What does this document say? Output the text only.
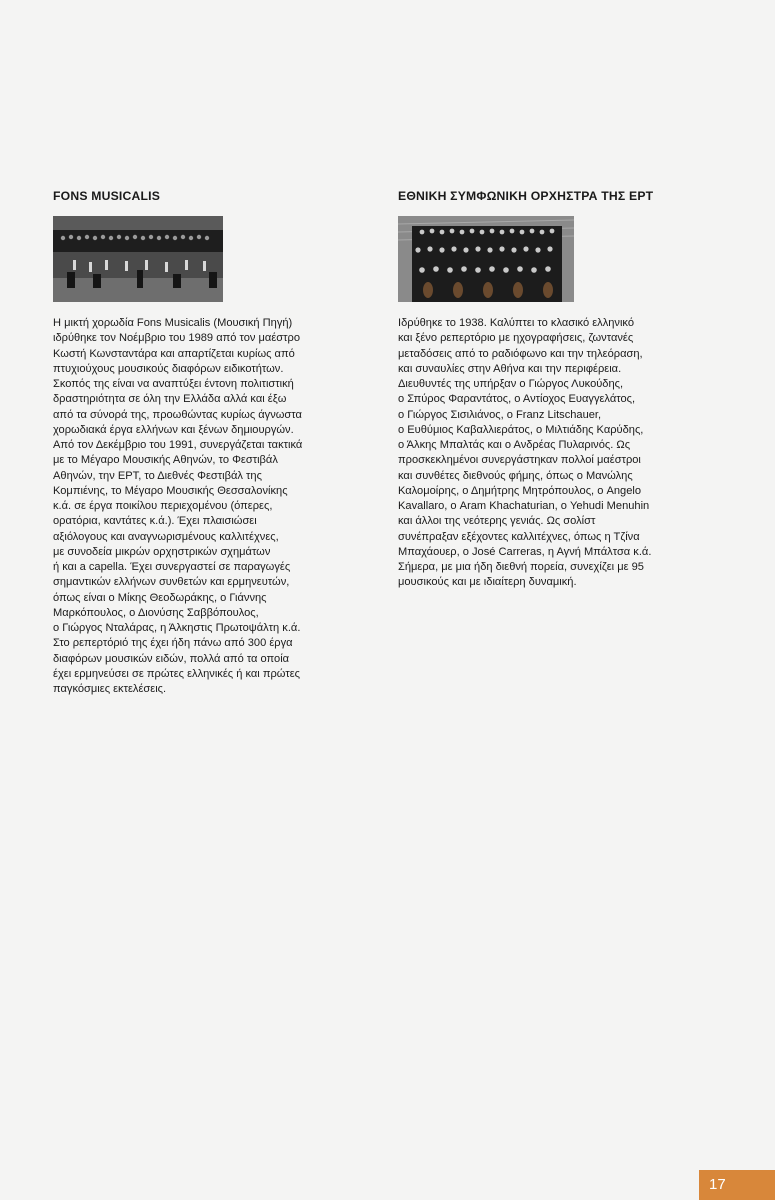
FONS MUSICALIS

Η μικτή χορωδία Fons Musicalis (Μουσική Πηγή)
ιδρύθηκε τον Νοέμβριο του 1989 από τον μαέστρο
Κωστή Κωνσταντάρα και απαρτίζεται κυρίως από
πτυχιούχους μουσικούς διαφόρων ειδικοτήτων.
Σκοπός της είναι να αναπτύξει έντονη πολιτιστική
δραστηριότητα σε όλη την Ελλάδα αλλά και έξω
από τα σύνορά της, προωθώντας κυρίως άγνωστα
χορωδιακά έργα ελλήνων και ξένων δημιουργών.
Από τον Δεκέμβριο του 1991, συνεργάζεται τακτικά
με το Μέγαρο Μουσικής Αθηνών, το Φεστιβάλ
Αθηνών, την ΕΡΤ, το Διεθνές Φεστιβάλ της
Κομπιένης, το Μέγαρο Μουσικής Θεσσαλονίκης
κ.ά. σε έργα ποικίλου περιεχομένου (όπερες,
ορατόρια, καντάτες κ.ά.). Έχει πλαισιώσει
αξιόλογους και αναγνωρισμένους καλλιτέχνες,
με συνοδεία μικρών ορχηστρικών σχημάτων
ή και a capella. Έχει συνεργαστεί σε παραγωγές
σημαντικών ελλήνων συνθετών και ερμηνευτών,
όπως είναι ο Μίκης Θεοδωράκης, ο Γιάννης
Μαρκόπουλος, ο Διονύσης Σαββόπουλος,
ο Γιώργος Νταλάρας, η Άλκηστις Πρωτοψάλτη κ.ά.
Στο ρεπερτόριό της έχει ήδη πάνω από 300 έργα
διαφόρων μουσικών ειδών, πολλά από τα οποία
έχει ερμηνεύσει σε πρώτες ελληνικές ή και πρώτες
παγκόσμιες εκτελέσεις.

ΕΘΝΙΚΗ ΣΥΜΦΩΝΙΚΗ ΟΡΧΗΣΤΡΑ ΤΗΣ ΕΡΤ

Ιδρύθηκε το 1938. Καλύπτει το κλασικό ελληνικό
και ξένο ρεπερτόριο με ηχογραφήσεις, ζωντανές
μεταδόσεις από το ραδιόφωνο και την τηλεόραση,
και συναυλίες στην Αθήνα και την περιφέρεια.
Διευθυντές της υπήρξαν ο Γιώργος Λυκούδης,
ο Σπύρος Φαραντάτος, ο Αντίοχος Ευαγγελάτος,
ο Γιώργος Σισιλιάνος, ο Franz Litschauer,
ο Ευθύμιος Καβαλλιεράτος, ο Μιλτιάδης Καρύδης,
ο Άλκης Μπαλτάς και ο Ανδρέας Πυλαρινός. Ως
προσκεκλημένοι συνεργάστηκαν πολλοί μαέστροι
και συνθέτες διεθνούς φήμης, όπως ο Μανώλης
Καλομοίρης, ο Δημήτρης Μητρόπουλος, ο Angelo
Kavallaro, ο Aram Khachaturian, ο Yehudi Menuhin
και άλλοι της νεότερης γενιάς. Ως σολίστ
συνέπραξαν εξέχοντες καλλιτέχνες, όπως η Τζίνα
Μπαχάουερ, ο José Carreras, η Αγνή Μπάλτσα κ.ά.
Σήμερα, με μια ήδη διεθνή πορεία, συνεχίζει με 95
μουσικούς και με ιδιαίτερη δυναμική.

17
